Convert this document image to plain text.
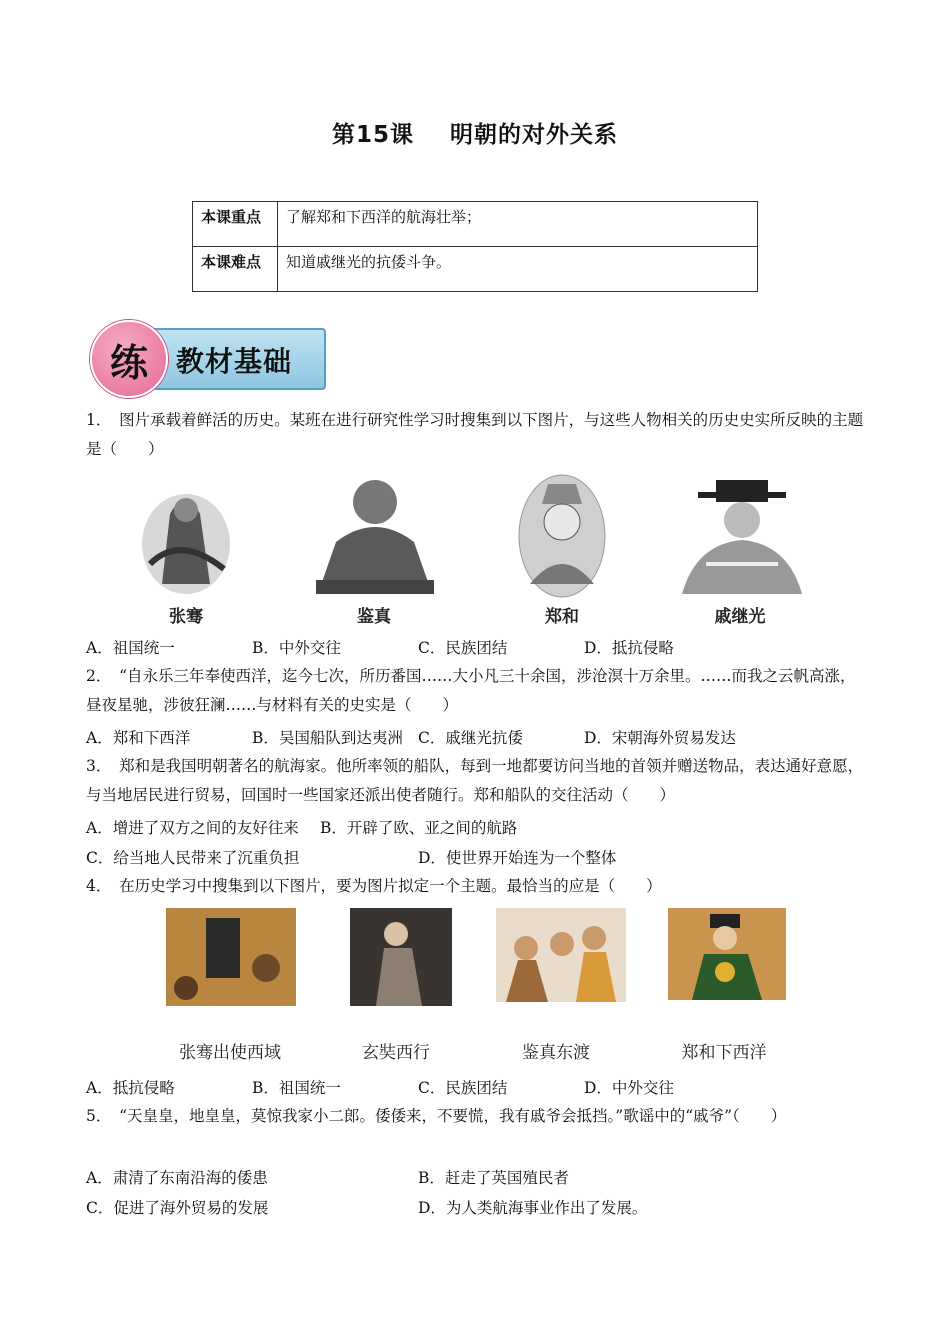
第15课 明朝的对外关系
本课重点	了解郑和下西洋的航海壮举；
本课难点	知道戚继光的抗倭斗争。
练	教材基础
1．　图片承载着鲜活的历史。某班在进行研究性学习时搜集到以下图片，与这些人物相关的历史史实所反映的主题是（　　）
张骞	鉴真	郑和	戚继光
A．祖国统一	B．中外交往	C．民族团结	D．抵抗侵略
2．　“自永乐三年奉使西洋，迄今七次，所历番国……大小凡三十余国，涉沧溟十万余里。……而我之云帆高涨，昼夜星驰，涉彼狂澜……与材料有关的史实是（　　）
A．郑和下西洋	B．吴国船队到达夷洲 C．戚继光抗倭	D．宋朝海外贸易发达
3．　郑和是我国明朝著名的航海家。他所率领的船队，每到一地都要访问当地的首领并赠送物品，表达通好意愿，与当地居民进行贸易，回国时一些国家还派出使者随行。郑和船队的交往活动（　　）
A．增进了双方之间的友好往来 B．开辟了欧、亚之间的航路
C．给当地人民带来了沉重负担	D．使世界开始连为一个整体
4．　在历史学习中搜集到以下图片，要为图片拟定一个主题。最恰当的应是（　　）
张骞出使西域	玄奘西行	鉴真东渡	郑和下西洋
A．抵抗侵略	B．祖国统一	C．民族团结	D．中外交往
5．　“天皇皇，地皇皇，莫惊我家小二郎。倭倭来，不要慌，我有戚爷会抵挡。”歌谣中的“戚爷”（　　）
A．肃清了东南沿海的倭患	B．赶走了英国殖民者
C．促进了海外贸易的发展	D．为人类航海事业作出了发展。
